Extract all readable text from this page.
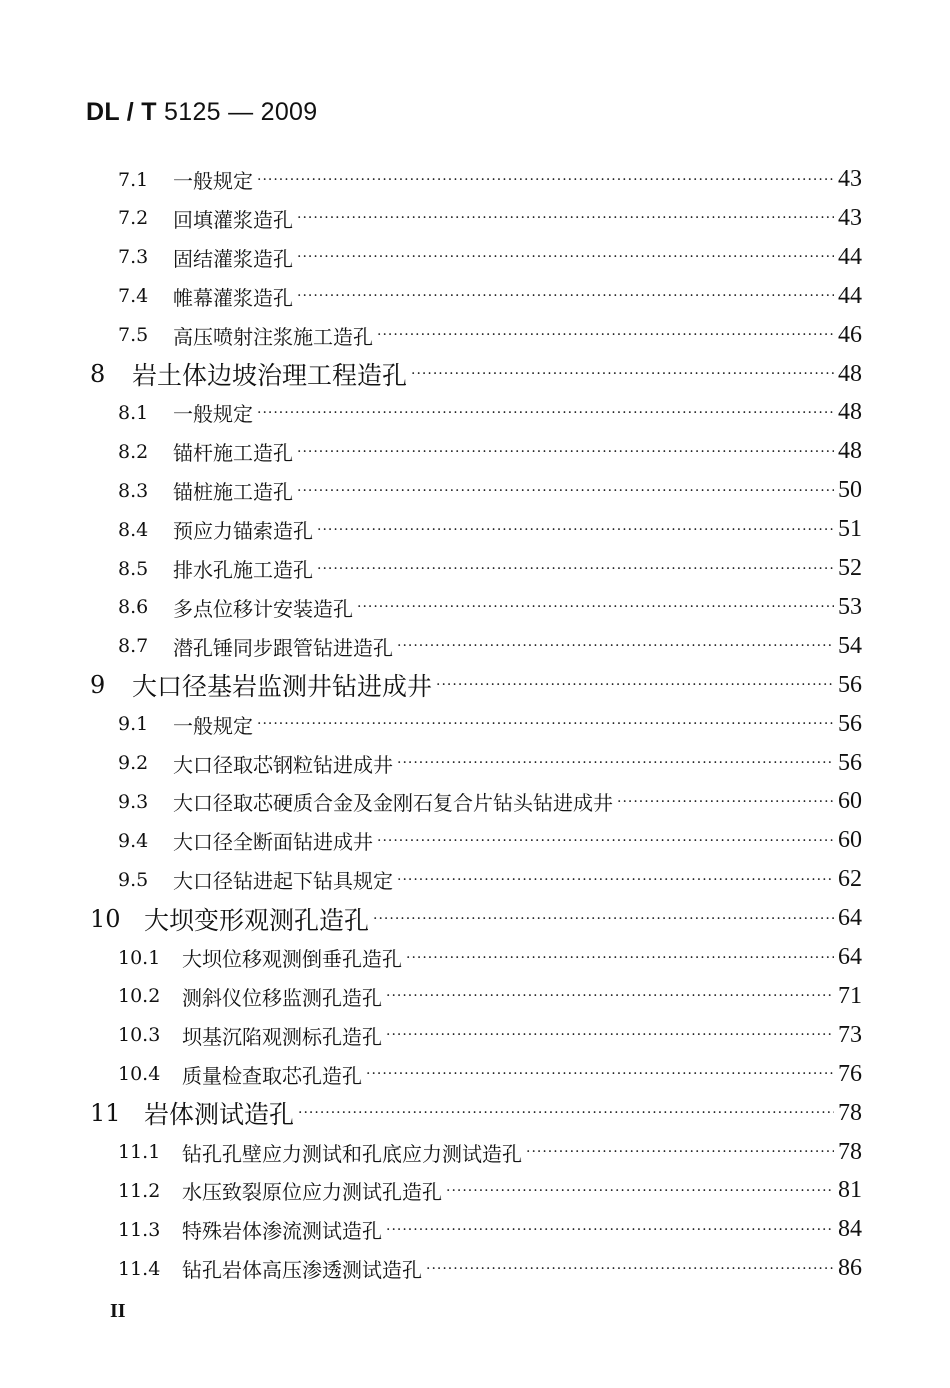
DL / T 5125 — 2009
7.1	一般规定 ·····	43
7.2	回填灌浆造孔 ·····	43
7.3	固结灌浆造孔 ·····	44
7.4	帷幕灌浆造孔 ·····	44
7.5	高压喷射注浆施工造孔 ·····	46
8	岩土体边坡治理工程造孔 ·····	48
8.1	一般规定 ·····	48
8.2	锚杆施工造孔 ·····	48
8.3	锚桩施工造孔 ·····	50
8.4	预应力锚索造孔 ·····	51
8.5	排水孔施工造孔 ·····	52
8.6	多点位移计安装造孔 ·····	53
8.7	潜孔锤同步跟管钻进造孔 ·····	54
9	大口径基岩监测井钻进成井 ·····	56
9.1	一般规定 ·····	56
9.2	大口径取芯钢粒钻进成井 ·····	56
9.3	大口径取芯硬质合金及金刚石复合片钻头钻进成井 ·····	60
9.4	大口径全断面钻进成井 ·····	60
9.5	大口径钻进起下钻具规定 ·····	62
10 大坝变形观测孔造孔 ·····	64
10.1	大坝位移观测倒垂孔造孔 ·····	64
10.2	测斜仪位移监测孔造孔 ·····	71
10.3	坝基沉陷观测标孔造孔 ·····	73
10.4	质量检查取芯孔造孔 ·····	76
11 岩体测试造孔 ·····	78
11.1	钻孔孔壁应力测试和孔底应力测试造孔 ·····	78
11.2	水压致裂原位应力测试孔造孔 ·····	81
11.3	特殊岩体渗流测试造孔 ·····	84
11.4	钻孔岩体高压渗透测试造孔 ·····	86
II
